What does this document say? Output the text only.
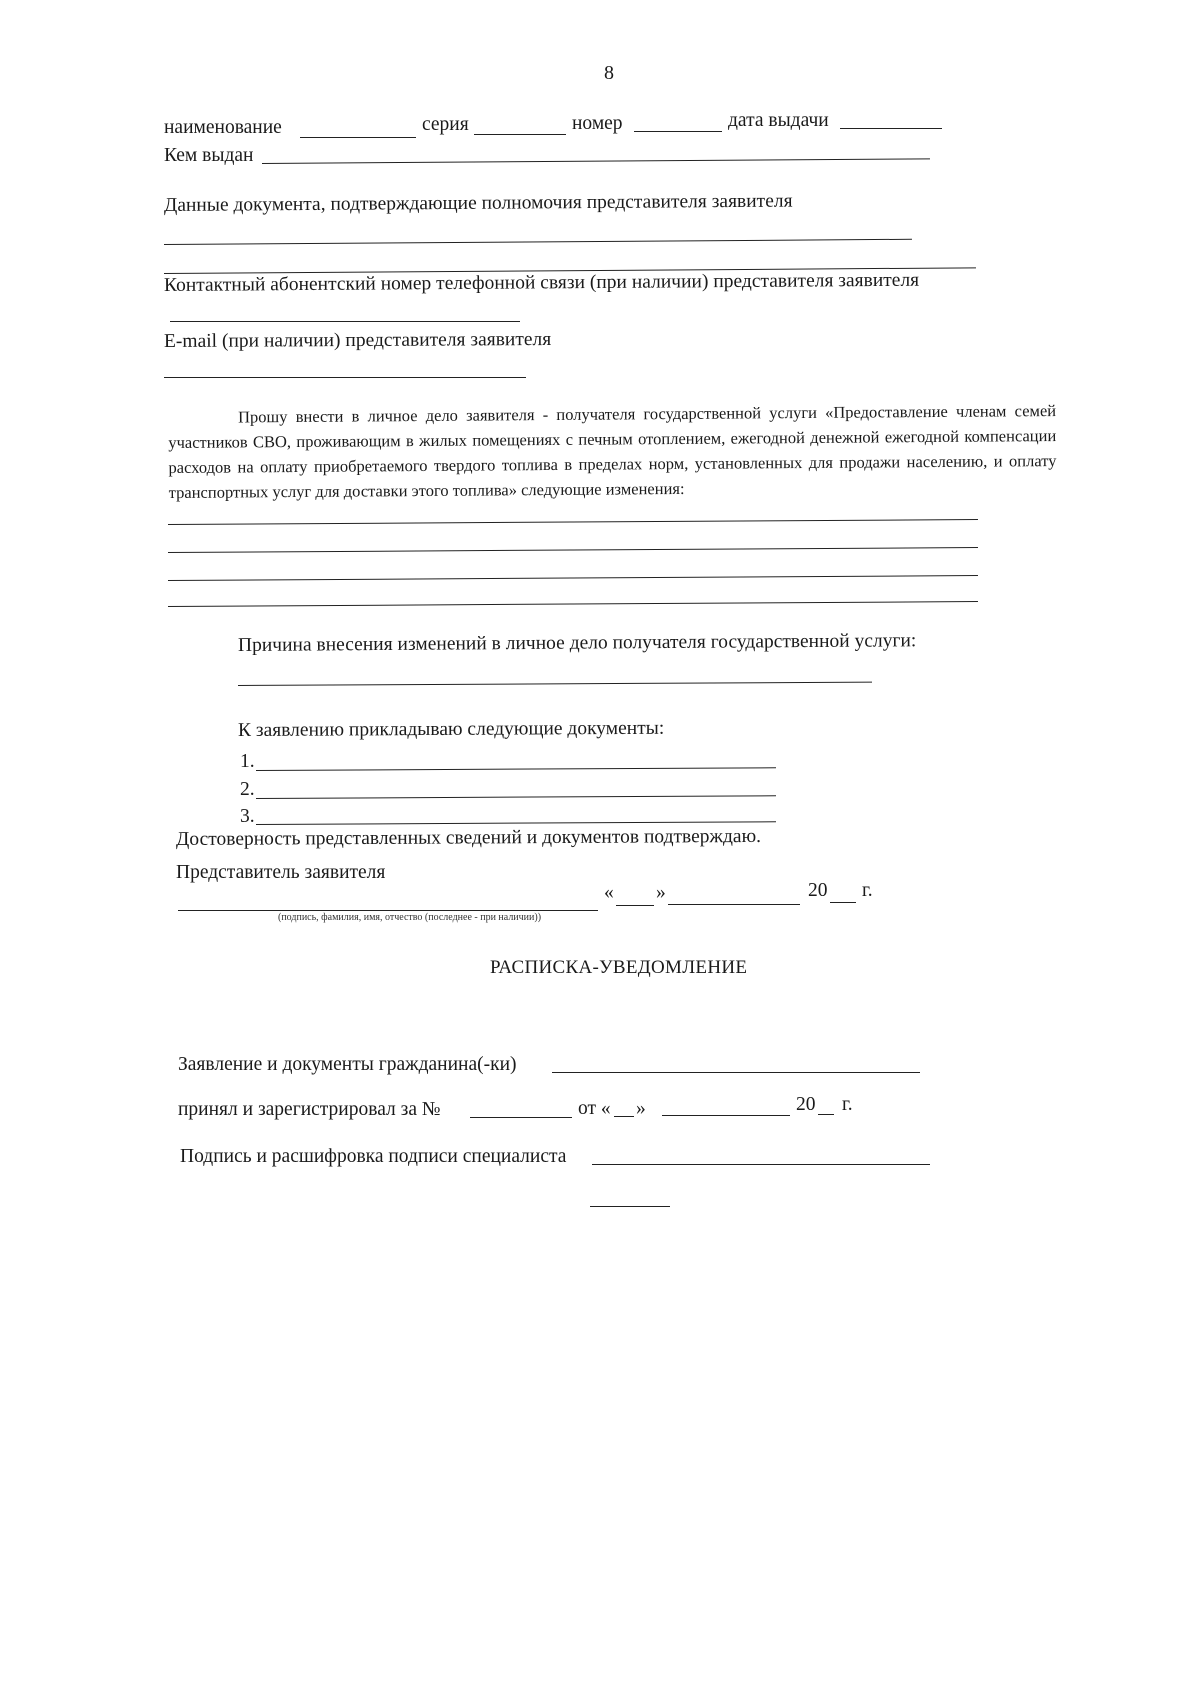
8
наименование	серия	номер	дата выдачи
Кем выдан
Данные документа, подтверждающие полномочия представителя заявителя
Контактный абонентский номер телефонной связи (при наличии) представителя заявителя
E-mail (при наличии) представителя заявителя
Прошу внести в личное дело заявителя - получателя государственной услуги «Предоставление членам семей участников СВО, проживающим в жилых помещениях с печным отоплением, ежегодной денежной ежегодной компенсации расходов на оплату приобретаемого твердого топлива в пределах норм, установленных для продажи населению, и оплату транспортных услуг для доставки этого топлива» следующие изменения:
Причина внесения изменений в личное дело получателя государственной услуги:
К заявлению прикладываю следующие документы:
1.
2.
3.
Достоверность представленных сведений и документов подтверждаю.
Представитель заявителя
« »	20 г.
(подпись, фамилия, имя, отчество (последнее - при наличии))
РАСПИСКА-УВЕДОМЛЕНИЕ
Заявление и документы гражданина(-ки)
принял и зарегистрировал за №	от « »	20 г.
Подпись и расшифровка подписи специалиста
